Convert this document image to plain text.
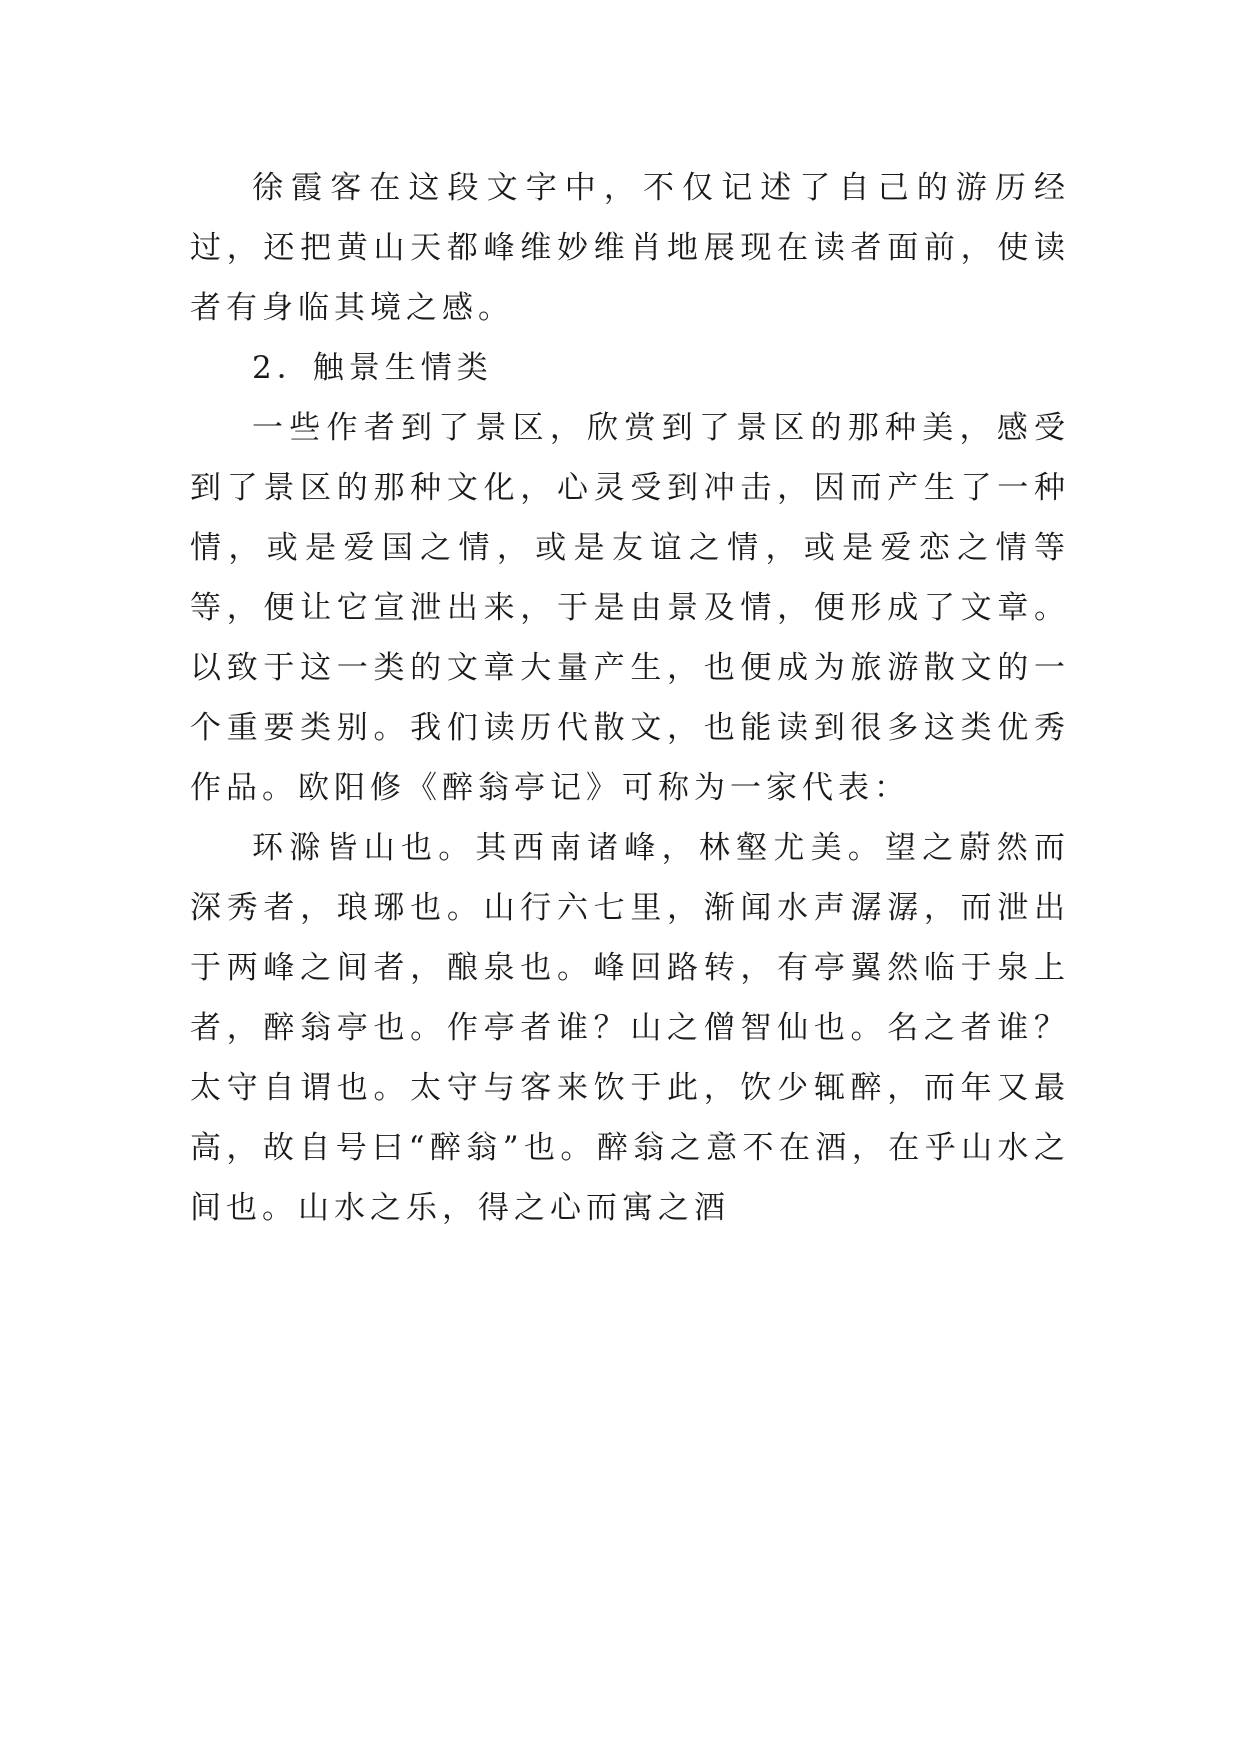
徐霞客在这段文字中，不仅记述了自己的游历经过，还把黄山天都峰维妙维肖地展现在读者面前，使读者有身临其境之感。

2．触景生情类

一些作者到了景区，欣赏到了景区的那种美，感受到了景区的那种文化，心灵受到冲击，因而产生了一种情，或是爱国之情，或是友谊之情，或是爱恋之情等等，便让它宣泄出来，于是由景及情，便形成了文章。以致于这一类的文章大量产生，也便成为旅游散文的一个重要类别。我们读历代散文，也能读到很多这类优秀作品。欧阳修《醉翁亭记》可称为一家代表：

环滁皆山也。其西南诸峰，林壑尤美。望之蔚然而深秀者，琅琊也。山行六七里，渐闻水声潺潺，而泄出于两峰之间者，酿泉也。峰回路转，有亭翼然临于泉上者，醉翁亭也。作亭者谁？山之僧智仙也。名之者谁？太守自谓也。太守与客来饮于此，饮少辄醉，而年又最高，故自号曰“醉翁”也。醉翁之意不在酒，在乎山水之间也。山水之乐，得之心而寓之酒
